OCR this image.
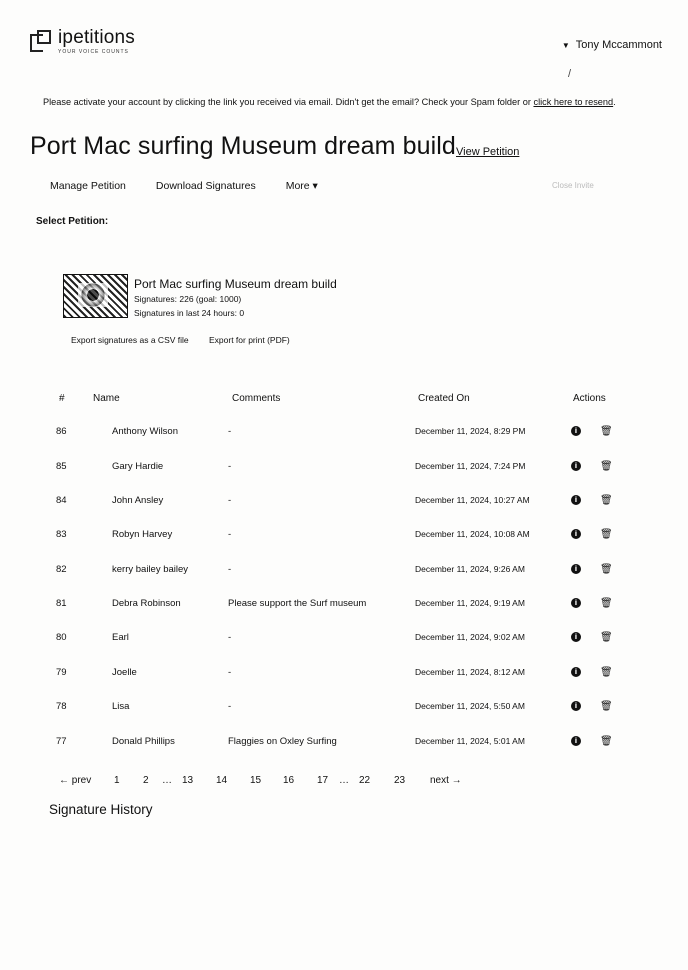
ipetitions
YOUR VOICE COUNTS
▼ Tony Mccammont
/
Please activate your account by clicking the link you received via email. Didn't get the email? Check your Spam folder or click here to resend.
Port Mac surfing Museum dream build View Petition
Manage Petition	Download Signatures	More ▾	Close Invite
Select Petition:
Port Mac surfing Museum dream build
Signatures: 226 (goal: 1000)
Signatures in last 24 hours: 0
Export signatures as a CSV file Export for print (PDF)
#	Name	Comments	Created On	Actions
86	Anthony Wilson	-	December 11, 2024, 8:29 PM	i	🗑
85	Gary Hardie	-	December 11, 2024, 7:24 PM	i	🗑
84	John Ansley	-	December 11, 2024, 10:27 AM	i	🗑
83	Robyn Harvey	-	December 11, 2024, 10:08 AM	i	🗑
82	kerry bailey bailey	-	December 11, 2024, 9:26 AM	i	🗑
81	Debra Robinson	Please support the Surf museum	December 11, 2024, 9:19 AM	i	🗑
80	Earl	-	December 11, 2024, 9:02 AM	i	🗑
79	Joelle	-	December 11, 2024, 8:12 AM	i	🗑
78	Lisa	-	December 11, 2024, 5:50 AM	i	🗑
77	Donald Phillips	Flaggies on Oxley Surfing	December 11, 2024, 5:01 AM	i	🗑
← prev 1 2 … 13 14 15 16 17 … 22 23 next →
Signature History
